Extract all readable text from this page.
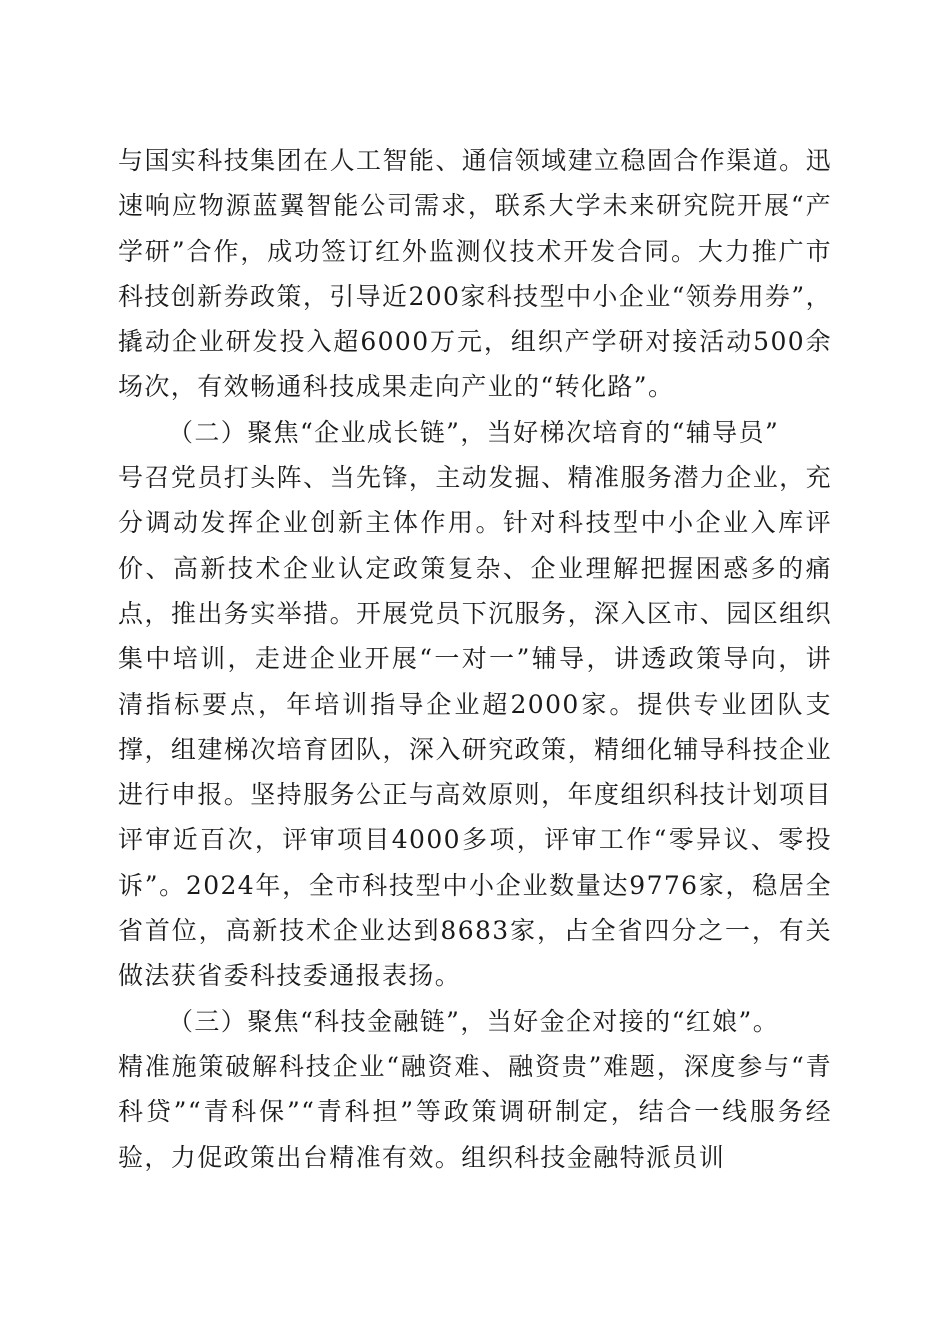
与国实科技集团在人工智能、通信领域建立稳固合作渠道。迅速响应物源蓝翼智能公司需求，联系大学未来研究院开展“产学研”合作，成功签订红外监测仪技术开发合同。大力推广市科技创新券政策，引导近200家科技型中小企业“领券用券”，撬动企业研发投入超6000万元，组织产学研对接活动500余场次，有效畅通科技成果走向产业的“转化路”。

（二）聚焦“企业成长链”，当好梯次培育的“辅导员”

号召党员打头阵、当先锋，主动发掘、精准服务潜力企业，充分调动发挥企业创新主体作用。针对科技型中小企业入库评价、高新技术企业认定政策复杂、企业理解把握困惑多的痛点，推出务实举措。开展党员下沉服务，深入区市、园区组织集中培训，走进企业开展“一对一”辅导，讲透政策导向，讲清指标要点，年培训指导企业超2000家。提供专业团队支撑，组建梯次培育团队，深入研究政策，精细化辅导科技企业进行申报。坚持服务公正与高效原则，年度组织科技计划项目评审近百次，评审项目4000多项，评审工作“零异议、零投诉”。2024年，全市科技型中小企业数量达9776家，稳居全省首位，高新技术企业达到8683家，占全省四分之一，有关做法获省委科技委通报表扬。

（三）聚焦“科技金融链”，当好金企对接的“红娘”。

精准施策破解科技企业“融资难、融资贵”难题，深度参与“青科贷”“青科保”“青科担”等政策调研制定，结合一线服务经验，力促政策出台精准有效。组织科技金融特派员训
